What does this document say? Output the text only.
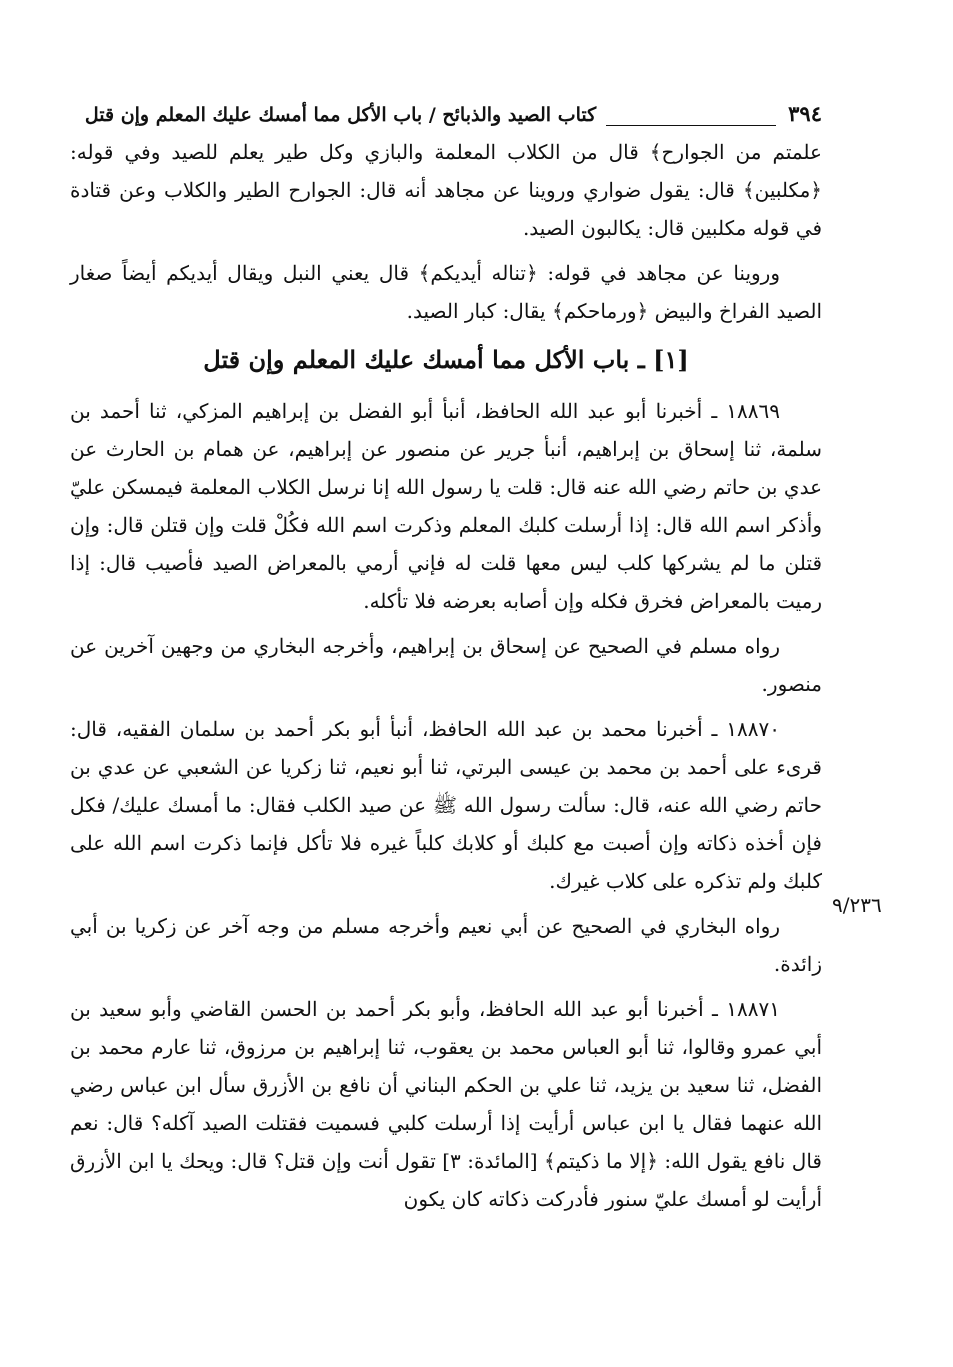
٣٩٤
كتاب الصيد والذبائح / باب الأكل مما أمسك عليك المعلم وإن قتل

علمتم من الجوارح﴾ قال من الكلاب المعلمة والبازي وكل طير يعلم للصيد وفي قوله: ﴿مكلبين﴾ قال: يقول ضواري وروينا عن مجاهد أنه قال: الجوارح الطير والكلاب وعن قتادة في قوله مكلبين قال: يكالبون الصيد.

وروينا عن مجاهد في قوله: ﴿تناله أيديكم﴾ قال يعني النبل ويقال أيديكم أيضاً صغار الصيد الفراخ والبيض ﴿ورماحكم﴾ يقال: كبار الصيد.

[١] ـ باب الأكل مما أمسك عليك المعلم وإن قتل

١٨٨٦٩ ـ أخبرنا أبو عبد الله الحافظ، أنبأ أبو الفضل بن إبراهيم المزكي، ثنا أحمد بن سلمة، ثنا إسحاق بن إبراهيم، أنبأ جرير عن منصور عن إبراهيم، عن همام بن الحارث عن عدي بن حاتم رضي الله عنه قال: قلت يا رسول الله إنا نرسل الكلاب المعلمة فيمسكن عليّ وأذكر اسم الله قال: إذا أرسلت كلبك المعلم وذكرت اسم الله فكُلْ قلت وإن قتلن قال: وإن قتلن ما لم يشركها كلب ليس معها قلت له فإني أرمي بالمعراض الصيد فأصيب قال: إذا رميت بالمعراض فخرق فكله وإن أصابه بعرضه فلا تأكله.

رواه مسلم في الصحيح عن إسحاق بن إبراهيم، وأخرجه البخاري من وجهين آخرين عن منصور.

١٨٨٧٠ ـ أخبرنا محمد بن عبد الله الحافظ، أنبأ أبو بكر أحمد بن سلمان الفقيه، قال: قرىء على أحمد بن محمد بن عيسى البرتي، ثنا أبو نعيم، ثنا زكريا عن الشعبي عن عدي بن حاتم رضي الله عنه، قال: سألت رسول الله ﷺ عن صيد الكلب فقال: ما أمسك عليك/ فكل فإن أخذه ذكاته وإن أصبت مع كلبك أو كلابك كلباً غيره فلا تأكل فإنما ذكرت اسم الله على كلبك ولم تذكره على كلاب غيرك.

رواه البخاري في الصحيح عن أبي نعيم وأخرجه مسلم من وجه آخر عن زكريا بن أبي زائدة.

١٨٨٧١ ـ أخبرنا أبو عبد الله الحافظ، وأبو بكر أحمد بن الحسن القاضي وأبو سعيد بن أبي عمرو وقالوا، ثنا أبو العباس محمد بن يعقوب، ثنا إبراهيم بن مرزوق، ثنا عارم محمد بن الفضل، ثنا سعيد بن يزيد، ثنا علي بن الحكم البناني أن نافع بن الأزرق سأل ابن عباس رضي الله عنهما فقال يا ابن عباس أرأيت إذا أرسلت كلبي فسميت فقتلت الصيد آكله؟ قال: نعم قال نافع يقول الله: ﴿إلا ما ذكيتم﴾ [المائدة: ٣] تقول أنت وإن قتل؟ قال: ويحك يا ابن الأزرق أرأيت لو أمسك عليّ سنور فأدركت ذكاته كان يكون

٩/٢٣٦
